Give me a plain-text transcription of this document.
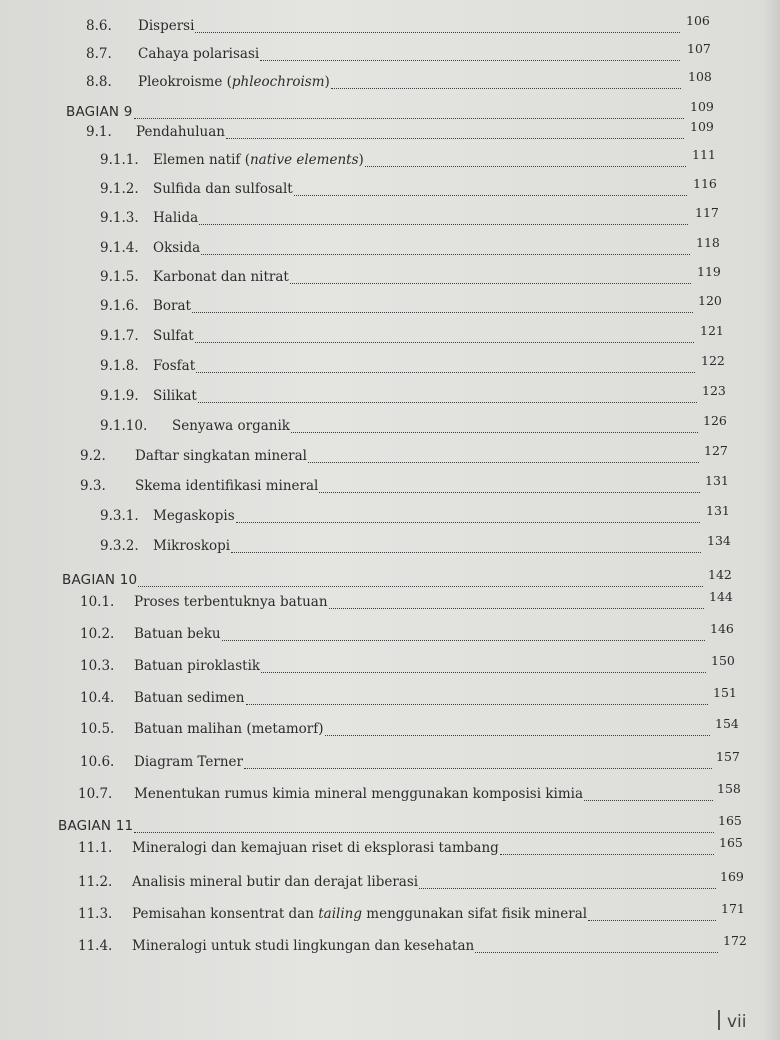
8.6. Dispersi	106
8.7. Cahaya polarisasi	107
8.8. Pleokroisme (phleochroism)	108
BAGIAN 9	109
9.1. Pendahuluan	109
9.1.1. Elemen natif (native elements)	111
9.1.2. Sulfida dan sulfosalt	116
9.1.3. Halida	117
9.1.4. Oksida	118
9.1.5. Karbonat dan nitrat	119
9.1.6. Borat	120
9.1.7. Sulfat	121
9.1.8. Fosfat	122
9.1.9. Silikat	123
9.1.10. Senyawa organik	126
9.2. Daftar singkatan mineral	127
9.3. Skema identifikasi mineral	131
9.3.1. Megaskopis	131
9.3.2. Mikroskopi	134
BAGIAN 10	142
10.1. Proses terbentuknya batuan	144
10.2. Batuan beku	146
10.3. Batuan piroklastik	150
10.4. Batuan sedimen	151
10.5. Batuan malihan (metamorf)	154
10.6. Diagram Terner	157
10.7. Menentukan rumus kimia mineral menggunakan komposisi kimia	158
BAGIAN 11	165
11.1. Mineralogi dan kemajuan riset di eksplorasi tambang	165
11.2. Analisis mineral butir dan derajat liberasi	169
11.3. Pemisahan konsentrat dan tailing menggunakan sifat fisik mineral	171
11.4. Mineralogi untuk studi lingkungan dan kesehatan	172
vii
